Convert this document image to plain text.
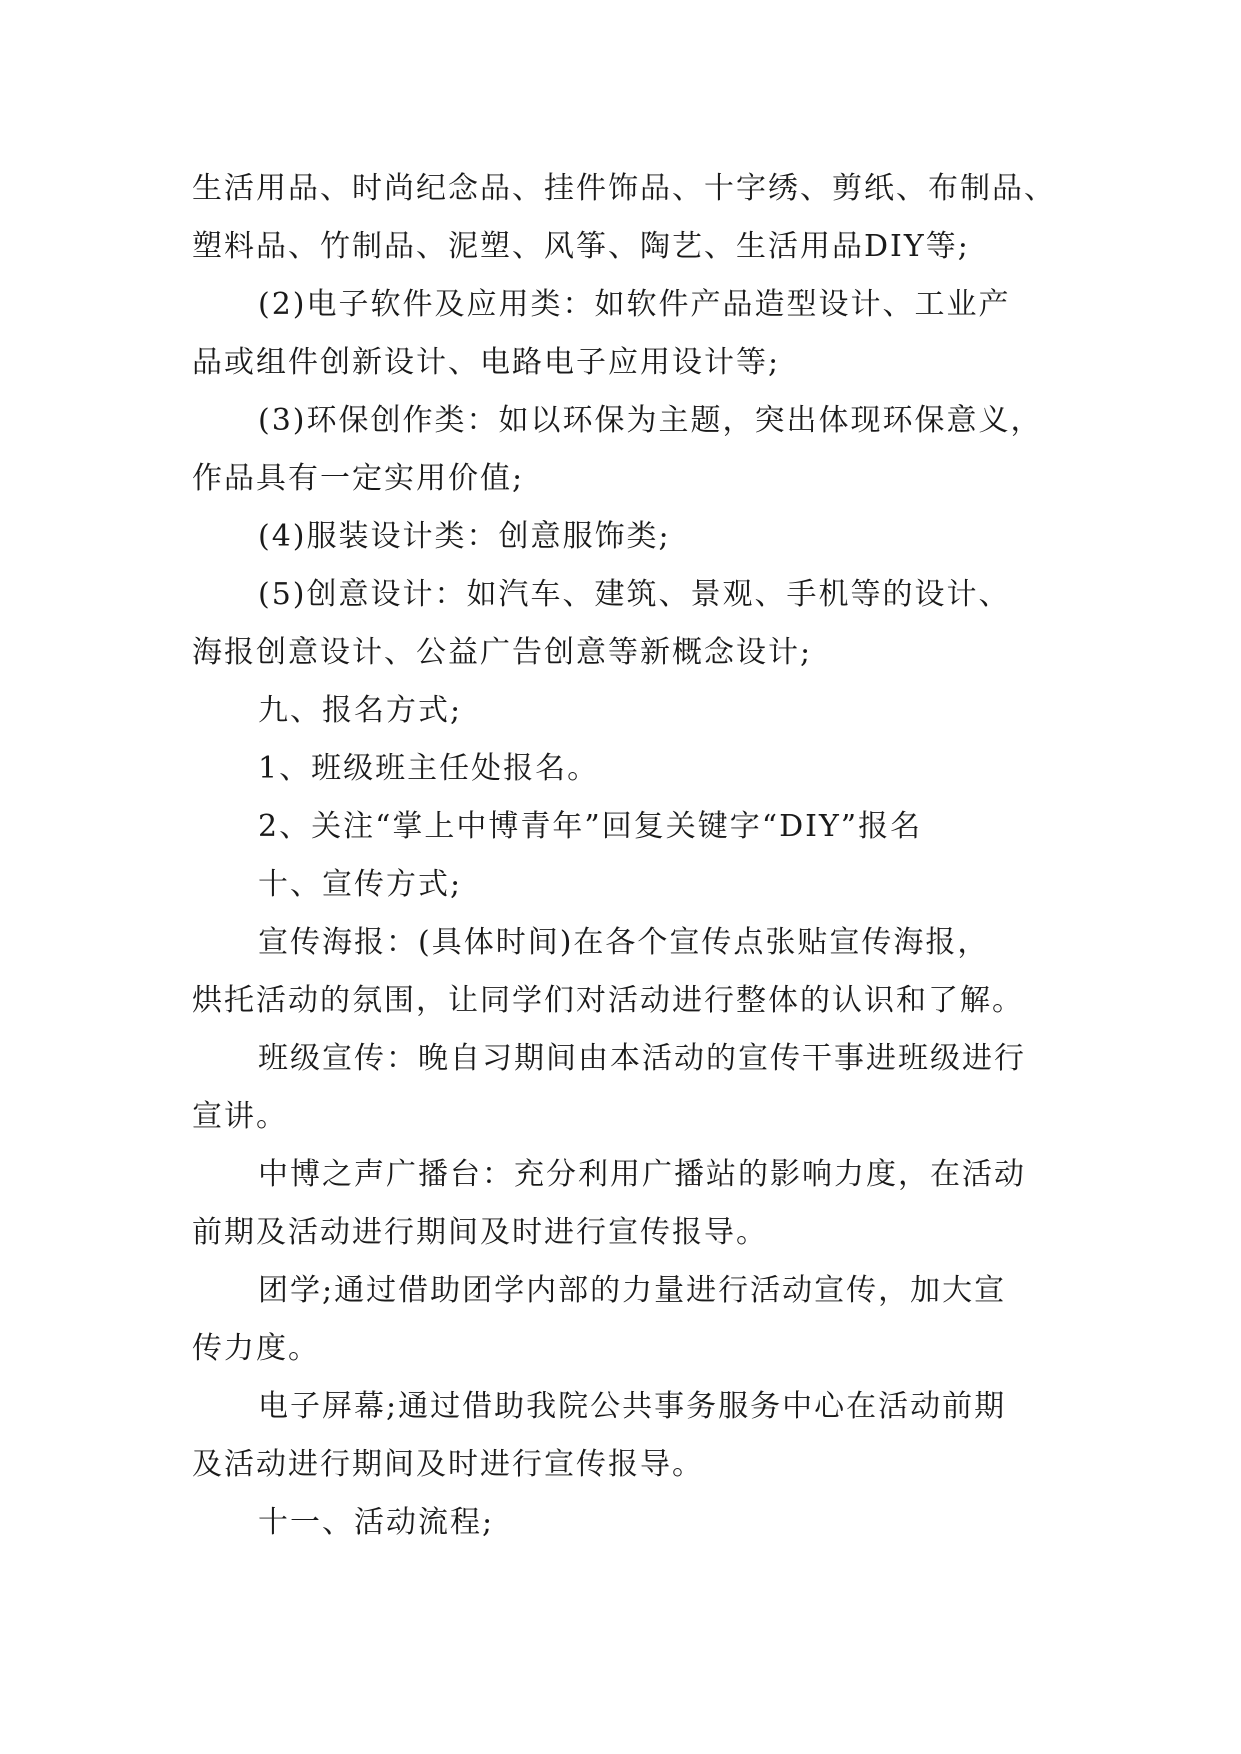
生活用品、时尚纪念品、挂件饰品、十字绣、剪纸、布制品、
塑料品、竹制品、泥塑、风筝、陶艺、生活用品DIY等;
(2)电子软件及应用类：如软件产品造型设计、工业产
品或组件创新设计、电路电子应用设计等;
(3)环保创作类：如以环保为主题，突出体现环保意义，
作品具有一定实用价值;
(4)服装设计类：创意服饰类;
(5)创意设计：如汽车、建筑、景观、手机等的设计、
海报创意设计、公益广告创意等新概念设计;
九、报名方式;
1、班级班主任处报名。
2、关注“掌上中博青年”回复关键字“DIY”报名
十、宣传方式;
宣传海报：(具体时间)在各个宣传点张贴宣传海报，
烘托活动的氛围，让同学们对活动进行整体的认识和了解。
班级宣传：晚自习期间由本活动的宣传干事进班级进行
宣讲。
中博之声广播台：充分利用广播站的影响力度，在活动
前期及活动进行期间及时进行宣传报导。
团学;通过借助团学内部的力量进行活动宣传，加大宣
传力度。
电子屏幕;通过借助我院公共事务服务中心在活动前期
及活动进行期间及时进行宣传报导。
十一、活动流程;
